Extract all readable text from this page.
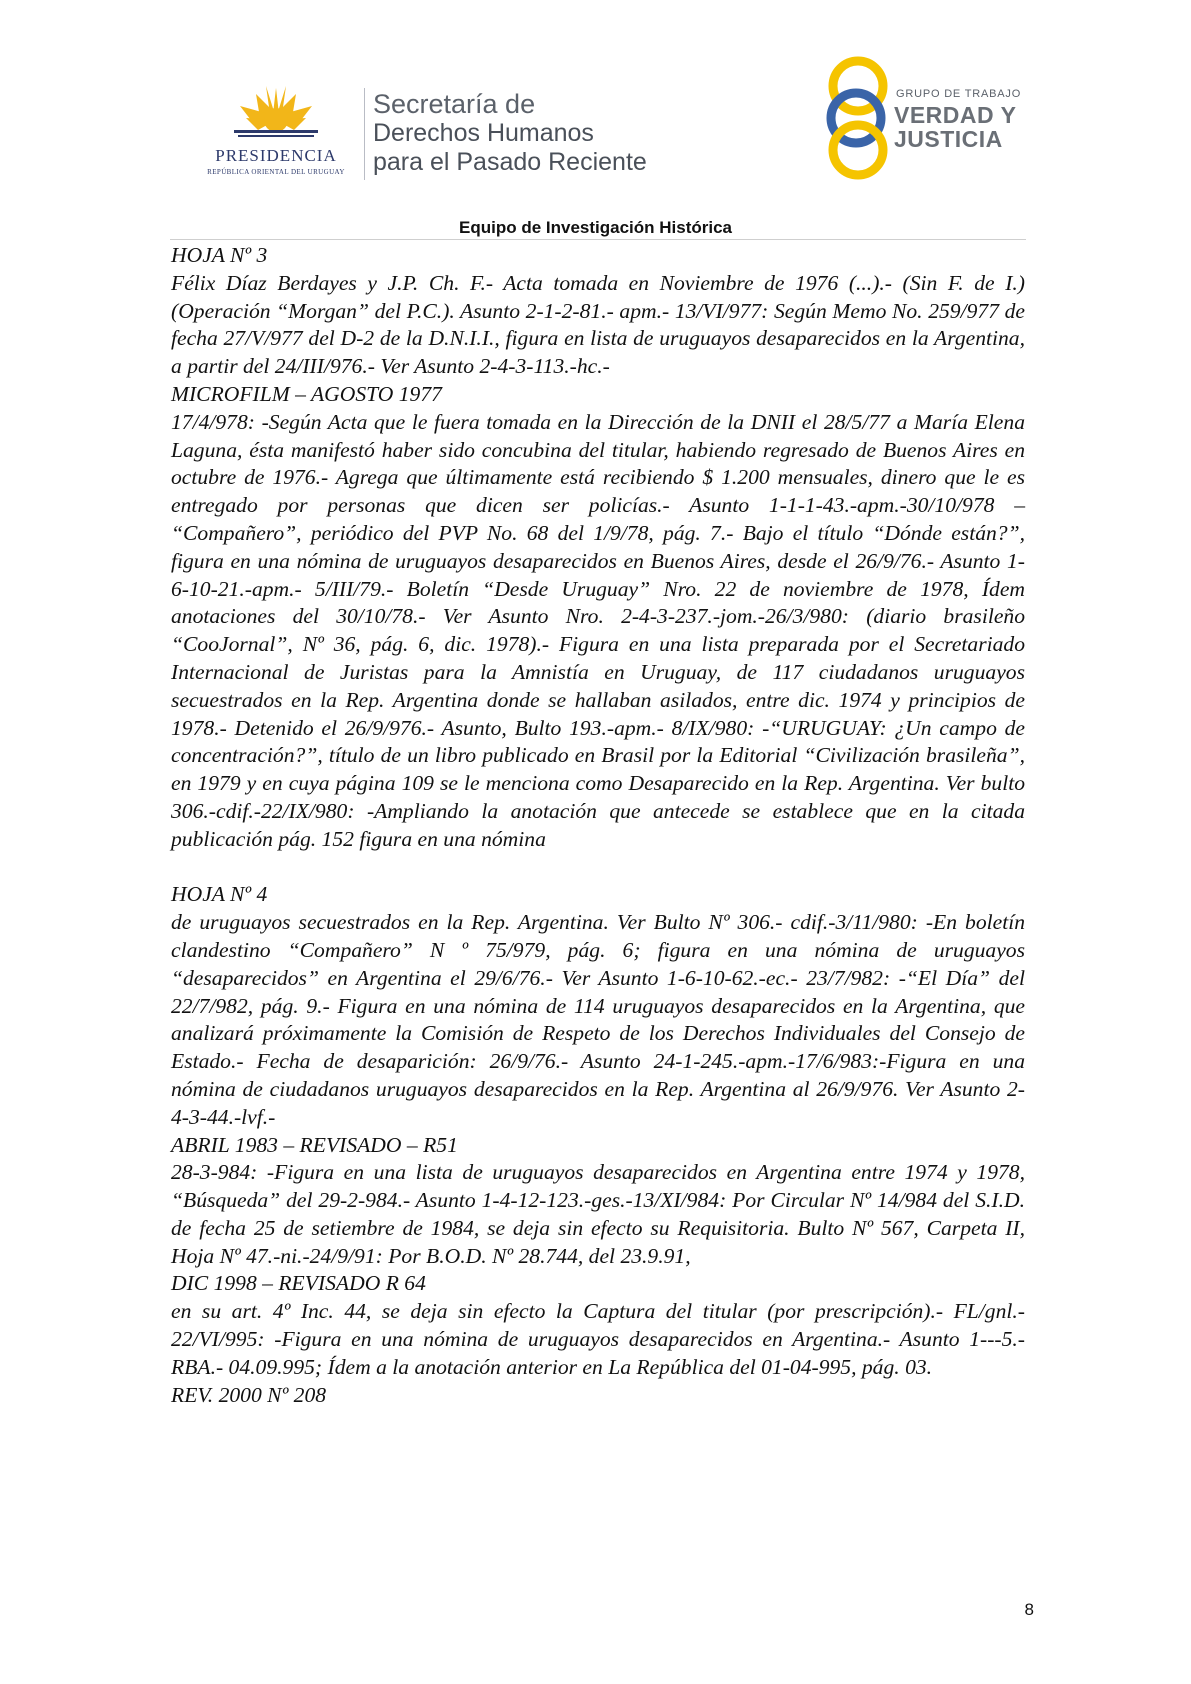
PRESIDENCIA
REPÚBLICA ORIENTAL DEL URUGUAY
Secretaría de
Derechos Humanos
para el Pasado Reciente
GRUPO DE TRABAJO
VERDAD Y
JUSTICIA
Equipo de Investigación Histórica

HOJA Nº 3

Félix Díaz Berdayes y J.P. Ch. F.- Acta tomada en Noviembre de 1976 (...).- (Sin F. de I.) (Operación “Morgan” del P.C.). Asunto 2-1-2-81.- apm.- 13/VI/977: Según Memo No. 259/977 de fecha 27/V/977 del D-2 de la D.N.I.I., figura en lista de uruguayos desaparecidos en la Argentina, a partir del 24/III/976.- Ver Asunto 2-4-3-113.-hc.-

MICROFILM – AGOSTO 1977

17/4/978: -Según Acta que le fuera tomada en la Dirección de la DNII el 28/5/77 a María Elena Laguna, ésta manifestó haber sido concubina del titular, habiendo regresado de Buenos Aires en octubre de 1976.- Agrega que últimamente está recibiendo $ 1.200 mensuales, dinero que le es entregado por personas que dicen ser policías.- Asunto 1-1-1-43.-apm.-30/10/978 – “Compañero”, periódico del PVP No. 68 del 1/9/78, pág. 7.- Bajo el título “Dónde están?”, figura en una nómina de uruguayos desaparecidos en Buenos Aires, desde el 26/9/76.- Asunto 1-6-10-21.-apm.- 5/III/79.- Boletín “Desde Uruguay” Nro. 22 de noviembre de 1978, Ídem anotaciones del 30/10/78.- Ver Asunto Nro. 2-4-3-237.-jom.-26/3/980: (diario brasileño “CooJornal”, Nº 36, pág. 6, dic. 1978).- Figura en una lista preparada por el Secretariado Internacional de Juristas para la Amnistía en Uruguay, de 117 ciudadanos uruguayos secuestrados en la Rep. Argentina donde se hallaban asilados, entre dic. 1974 y principios de 1978.- Detenido el 26/9/976.- Asunto, Bulto 193.-apm.- 8/IX/980: -“URUGUAY: ¿Un campo de concentración?”, título de un libro publicado en Brasil por la Editorial “Civilización brasileña”, en 1979 y en cuya página 109 se le menciona como Desaparecido en la Rep. Argentina. Ver bulto 306.-cdif.-22/IX/980: -Ampliando la anotación que antecede se establece que en la citada publicación pág. 152 figura en una nómina

HOJA Nº 4

de uruguayos secuestrados en la Rep. Argentina. Ver Bulto Nº 306.- cdif.-3/11/980: -En boletín clandestino “Compañero” N º 75/979, pág. 6; figura en una nómina de uruguayos “desaparecidos” en Argentina el 29/6/76.- Ver Asunto 1-6-10-62.-ec.- 23/7/982: -“El Día” del 22/7/982, pág. 9.- Figura en una nómina de 114 uruguayos desaparecidos en la Argentina, que analizará próximamente la Comisión de Respeto de los Derechos Individuales del Consejo de Estado.- Fecha de desaparición: 26/9/76.- Asunto 24-1-245.-apm.-17/6/983:-Figura en una nómina de ciudadanos uruguayos desaparecidos en la Rep. Argentina al 26/9/976. Ver Asunto 2-4-3-44.-lvf.-

ABRIL 1983 – REVISADO – R51

28-3-984: -Figura en una lista de uruguayos desaparecidos en Argentina entre 1974 y 1978, “Búsqueda” del 29-2-984.- Asunto 1-4-12-123.-ges.-13/XI/984: Por Circular Nº 14/984 del S.I.D. de fecha 25 de setiembre de 1984, se deja sin efecto su Requisitoria. Bulto Nº 567, Carpeta II, Hoja Nº 47.-ni.-24/9/91: Por B.O.D. Nº 28.744, del 23.9.91,

DIC 1998 – REVISADO R 64

en su art. 4º Inc. 44, se deja sin efecto la Captura del titular (por prescripción).- FL/gnl.- 22/VI/995: -Figura en una nómina de uruguayos desaparecidos en Argentina.- Asunto 1---5.- RBA.- 04.09.995; Ídem a la anotación anterior en La República del 01-04-995, pág. 03.

REV. 2000 Nº 208

8
